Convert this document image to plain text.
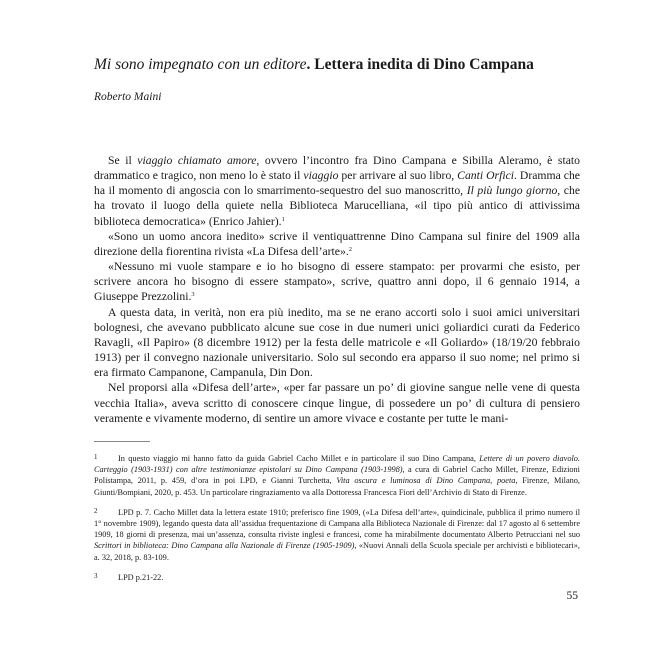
Mi sono impegnato con un editore. Lettera inedita di Dino Campana
Roberto Maini

Se il viaggio chiamato amore, ovvero l’incontro fra Dino Campana e Sibilla Aleramo, è stato drammatico e tragico, non meno lo è stato il viaggio per arrivare al suo libro, Canti Orfici. Dramma che ha il momento di angoscia con lo smarrimento-sequestro del suo manoscritto, Il più lungo giorno, che ha trovato il luogo della quiete nella Biblioteca Marucelliana, «il tipo più antico di attivissima biblioteca democratica» (Enrico Jahier).$^1$

«Sono un uomo ancora inedito» scrive il ventiquattrenne Dino Campana sul finire del 1909 alla direzione della fiorentina rivista «La Difesa dell’arte».$^2$

«Nessuno mi vuole stampare e io ho bisogno di essere stampato: per provarmi che esisto, per scrivere ancora ho bisogno di essere stampato», scrive, quattro anni dopo, il 6 gennaio 1914, a Giuseppe Prezzolini.$^3$

A questa data, in verità, non era più inedito, ma se ne erano accorti solo i suoi amici universitari bolognesi, che avevano pubblicato alcune sue cose in due numeri unici goliardici curati da Federico Ravagli, «Il Papiro» (8 dicembre 1912) per la festa delle matricole e «Il Goliardo» (18/19/20 febbraio 1913) per il convegno nazionale universitario. Solo sul secondo era apparso il suo nome; nel primo si era firmato Campanone, Campanula, Din Don.

Nel proporsi alla «Difesa dell’arte», «per far passare un po’ di giovine sangue nelle vene di questa vecchia Italia», aveva scritto di conoscere cinque lingue, di possedere un po’ di cultura di pensiero veramente e vivamente moderno, di sentire un amore vivace e costante per tutte le mani-

1 In questo viaggio mi hanno fatto da guida Gabriel Cacho Millet e in particolare il suo Dino Campana, Lettere di un povero diavolo. Carteggio (1903-1931) con altre testimonianze epistolari su Dino Campana (1903-1998), a cura di Gabriel Cacho Millet, Firenze, Edizioni Polistampa, 2011, p. 459, d’ora in poi LPD, e Gianni Turchetta, Vita oscura e luminosa di Dino Campana, poeta, Firenze, Milano, Giunti/Bompiani, 2020, p. 453. Un particolare ringraziamento va alla Dottoressa Francesca Fiori dell’Archivio di Stato di Firenze.

2 LPD p. 7. Cacho Millet data la lettera estate 1910; preferisco fine 1909, («La Difesa dell’arte», quindicinale, pubblica il primo numero il 1° novembre 1909), legando questa data all’assidua frequentazione di Campana alla Biblioteca Nazionale di Firenze: dal 17 agosto al 6 settembre 1909, 18 giorni di presenza, mai un’assenza, consulta riviste inglesi e francesi, come ha mirabilmente documentato Alberto Petrucciani nel suo Scrittori in biblioteca: Dino Campana alla Nazionale di Firenze (1905-1909), «Nuovi Annali della Scuola speciale per archivisti e bibliotecari», a. 32, 2018, p. 83-109.

3 LPD p.21-22.

55
